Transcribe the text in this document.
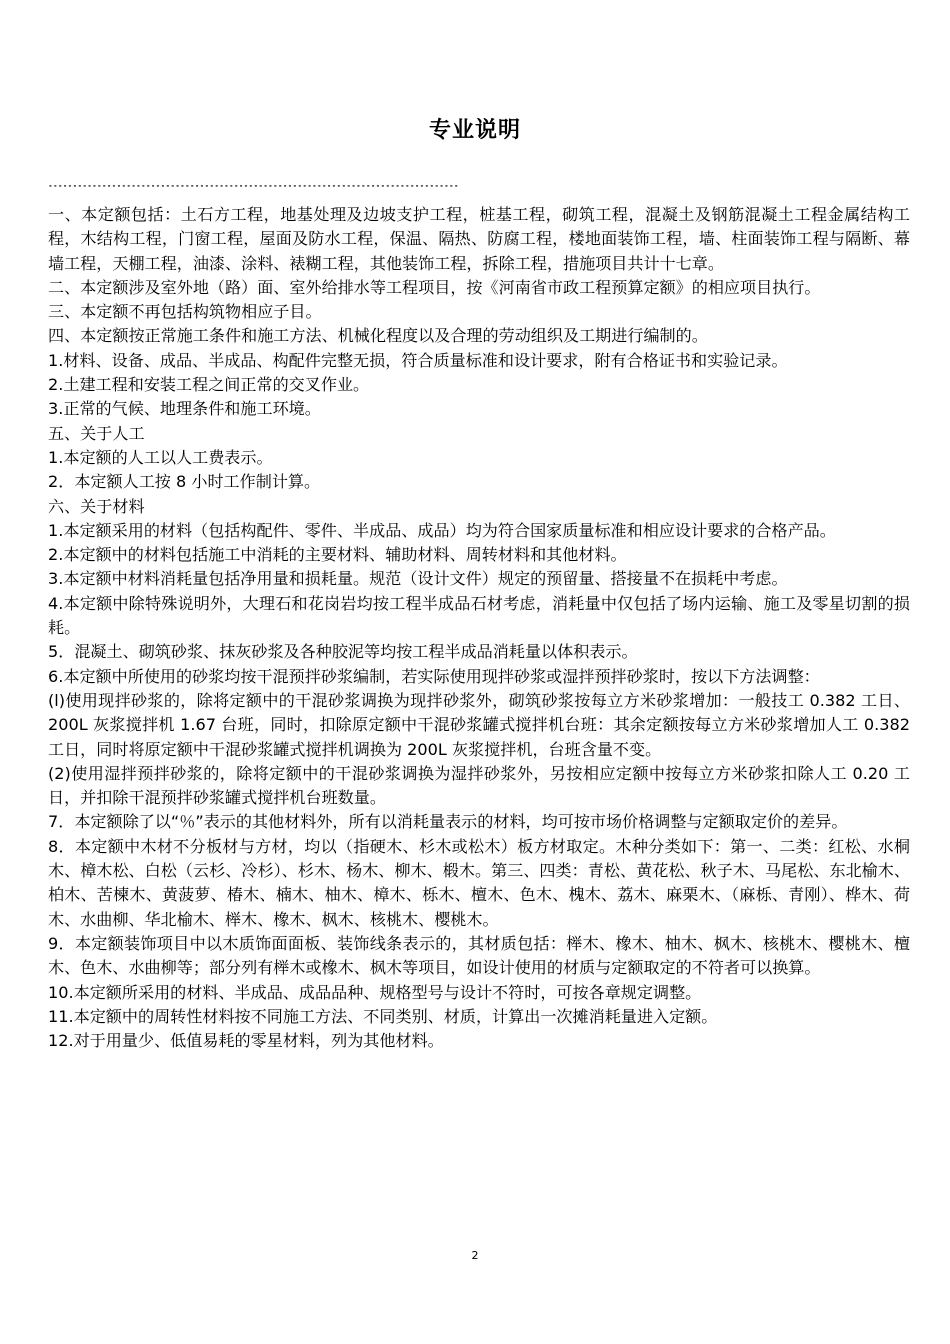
专业说明
------------------------------------------------------------------------------------

一、本定额包括：土石方工程，地基处理及边坡支护工程，桩基工程，砌筑工程，混凝土及钢筋混凝土工程金属结构工程，木结构工程，门窗工程，屋面及防水工程，保温、隔热、防腐工程，楼地面装饰工程，墙、柱面装饰工程与隔断、幕墙工程，天棚工程，油漆、涂料、裱糊工程，其他装饰工程，拆除工程，措施项目共计十七章。

二、本定额涉及室外地（路）面、室外给排水等工程项目，按《河南省市政工程预算定额》的相应项目执行。

三、本定额不再包括构筑物相应子目。

四、本定额按正常施工条件和施工方法、机械化程度以及合理的劳动组织及工期进行编制的。

1.材料、设备、成品、半成品、构配件完整无损，符合质量标准和设计要求，附有合格证书和实验记录。

2.土建工程和安装工程之间正常的交叉作业。

3.正常的气候、地理条件和施工环境。

五、关于人工

1.本定额的人工以人工费表示。

2．本定额人工按 8 小时工作制计算。

六、关于材料

1.本定额采用的材料（包括构配件、零件、半成品、成品）均为符合国家质量标准和相应设计要求的合格产品。

2.本定额中的材料包括施工中消耗的主要材料、辅助材料、周转材料和其他材料。

3.本定额中材料消耗量包括净用量和损耗量。规范（设计文件）规定的预留量、搭接量不在损耗中考虑。

4.本定额中除特殊说明外，大理石和花岗岩均按工程半成品石材考虑，消耗量中仅包括了场内运输、施工及零星切割的损耗。

5．混凝土、砌筑砂浆、抹灰砂浆及各种胶泥等均按工程半成品消耗量以体积表示。

6.本定额中所使用的砂浆均按干混预拌砂浆编制，若实际使用现拌砂浆或湿拌预拌砂浆时，按以下方法调整：

(l)使用现拌砂浆的，除将定额中的干混砂浆调换为现拌砂浆外，砌筑砂浆按每立方米砂浆增加：一般技工 0.382 工日、200L 灰浆搅拌机 1.67 台班，同时，扣除原定额中干混砂浆罐式搅拌机台班：其余定额按每立方米砂浆增加人工 0.382 工日，同时将原定额中干混砂浆罐式搅拌机调换为 200L 灰浆搅拌机，台班含量不变。

(2)使用湿拌预拌砂浆的，除将定额中的干混砂浆调换为湿拌砂浆外，另按相应定额中按每立方米砂浆扣除人工 0.20 工日，并扣除干混预拌砂浆罐式搅拌机台班数量。

7．本定额除了以“％”表示的其他材料外，所有以消耗量表示的材料，均可按市场价格调整与定额取定价的差异。

8．本定额中木材不分板材与方材，均以（指硬木、杉木或松木）板方材取定。木种分类如下：第一、二类：红松、水桐木、樟木松、白松（云杉、冷杉）、杉木、杨木、柳木、椴木。第三、四类：青松、黄花松、秋子木、马尾松、东北榆木、柏木、苦楝木、黄菠萝、椿木、楠木、柚木、樟木、栎木、檀木、色木、槐木、荔木、麻栗木、（麻栎、青刚）、桦木、荷木、水曲柳、华北榆木、榉木、橡木、枫木、核桃木、樱桃木。

9．本定额装饰项目中以木质饰面面板、装饰线条表示的，其材质包括：榉木、橡木、柚木、枫木、核桃木、樱桃木、檀木、色木、水曲柳等；部分列有榉木或橡木、枫木等项目，如设计使用的材质与定额取定的不符者可以换算。

10.本定额所采用的材料、半成品、成品品种、规格型号与设计不符时，可按各章规定调整。

11.本定额中的周转性材料按不同施工方法、不同类别、材质，计算出一次摊消耗量进入定额。

12.对于用量少、低值易耗的零星材料，列为其他材料。

2
